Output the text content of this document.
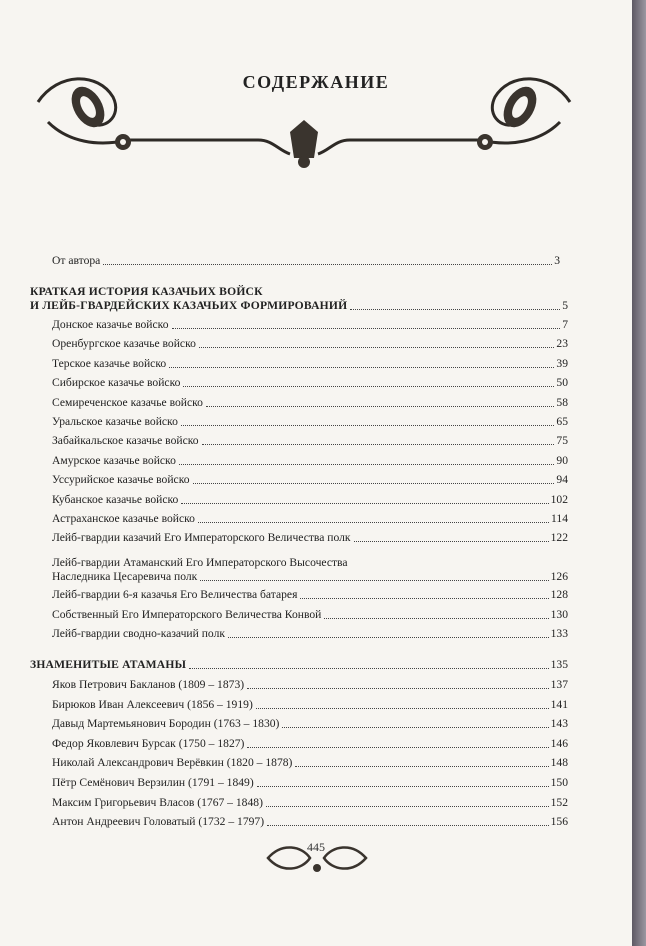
СОДЕРЖАНИЕ
От автора	3
КРАТКАЯ ИСТОРИЯ КАЗАЧЬИХ ВОЙСК
И ЛЕЙБ-ГВАРДЕЙСКИХ КАЗАЧЬИХ ФОРМИРОВАНИЙ	5
Донское казачье войско	7
Оренбургское казачье войско	23
Терское казачье войско	39
Сибирское казачье войско	50
Семиреченское казачье войско	58
Уральское казачье войско	65
Забайкальское казачье войско	75
Амурское казачье войско	90
Уссурийское казачье войско	94
Кубанское казачье войско	102
Астраханское казачье войско	114
Лейб-гвардии казачий Его Императорского Величества полк	122
Лейб-гвардии Атаманский Его Императорского Высочества
Наследника Цесаревича полк	126
Лейб-гвардии 6-я казачья Его Величества батарея	128
Собственный Его Императорского Величества Конвой	130
Лейб-гвардии сводно-казачий полк	133
ЗНАМЕНИТЫЕ АТАМАНЫ	135
Яков Петрович Бакланов (1809 – 1873)	137
Бирюков Иван Алексеевич (1856 – 1919)	141
Давыд Мартемьянович Бородин (1763 – 1830)	143
Федор Яковлевич Бурсак (1750 – 1827)	146
Николай Александрович Верёвкин (1820 – 1878)	148
Пётр Семёнович Верзилин (1791 – 1849)	150
Максим Григорьевич Власов (1767 – 1848)	152
Антон Андреевич Головатый (1732 – 1797)	156
445
